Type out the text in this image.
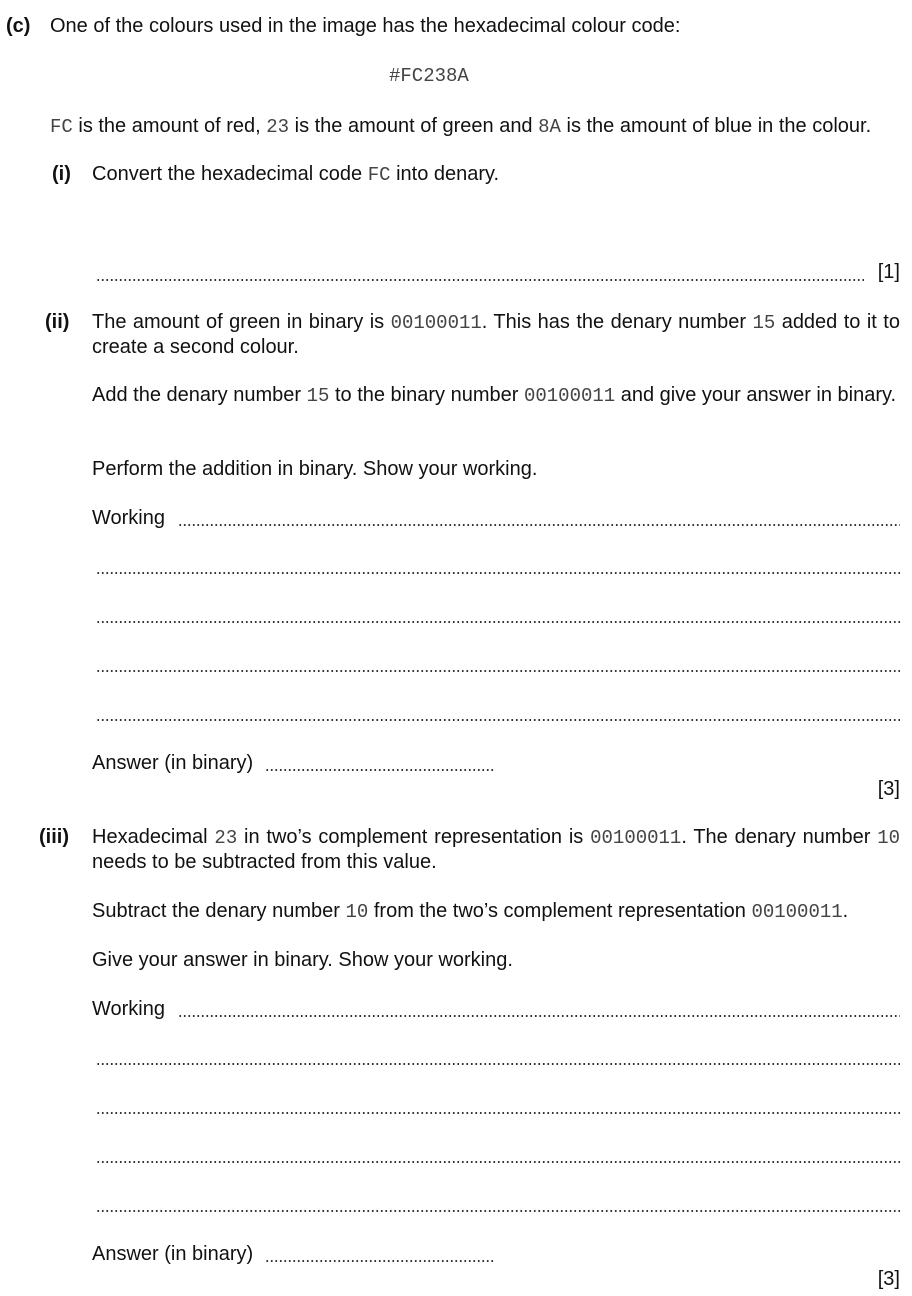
(c) One of the colours used in the image has the hexadecimal colour code:
#FC238A
FC is the amount of red, 23 is the amount of green and 8A is the amount of blue in the colour.
(i) Convert the hexadecimal code FC into denary.
[1]
(ii) The amount of green in binary is 00100011. This has the denary number 15 added to it to create a second colour.
Add the denary number 15 to the binary number 00100011 and give your answer in binary.
Perform the addition in binary. Show your working.
Working
Answer (in binary)
[3]
(iii) Hexadecimal 23 in two’s complement representation is 00100011. The denary number 10 needs to be subtracted from this value.
Subtract the denary number 10 from the two’s complement representation 00100011.
Give your answer in binary. Show your working.
Working
Answer (in binary)
[3]
